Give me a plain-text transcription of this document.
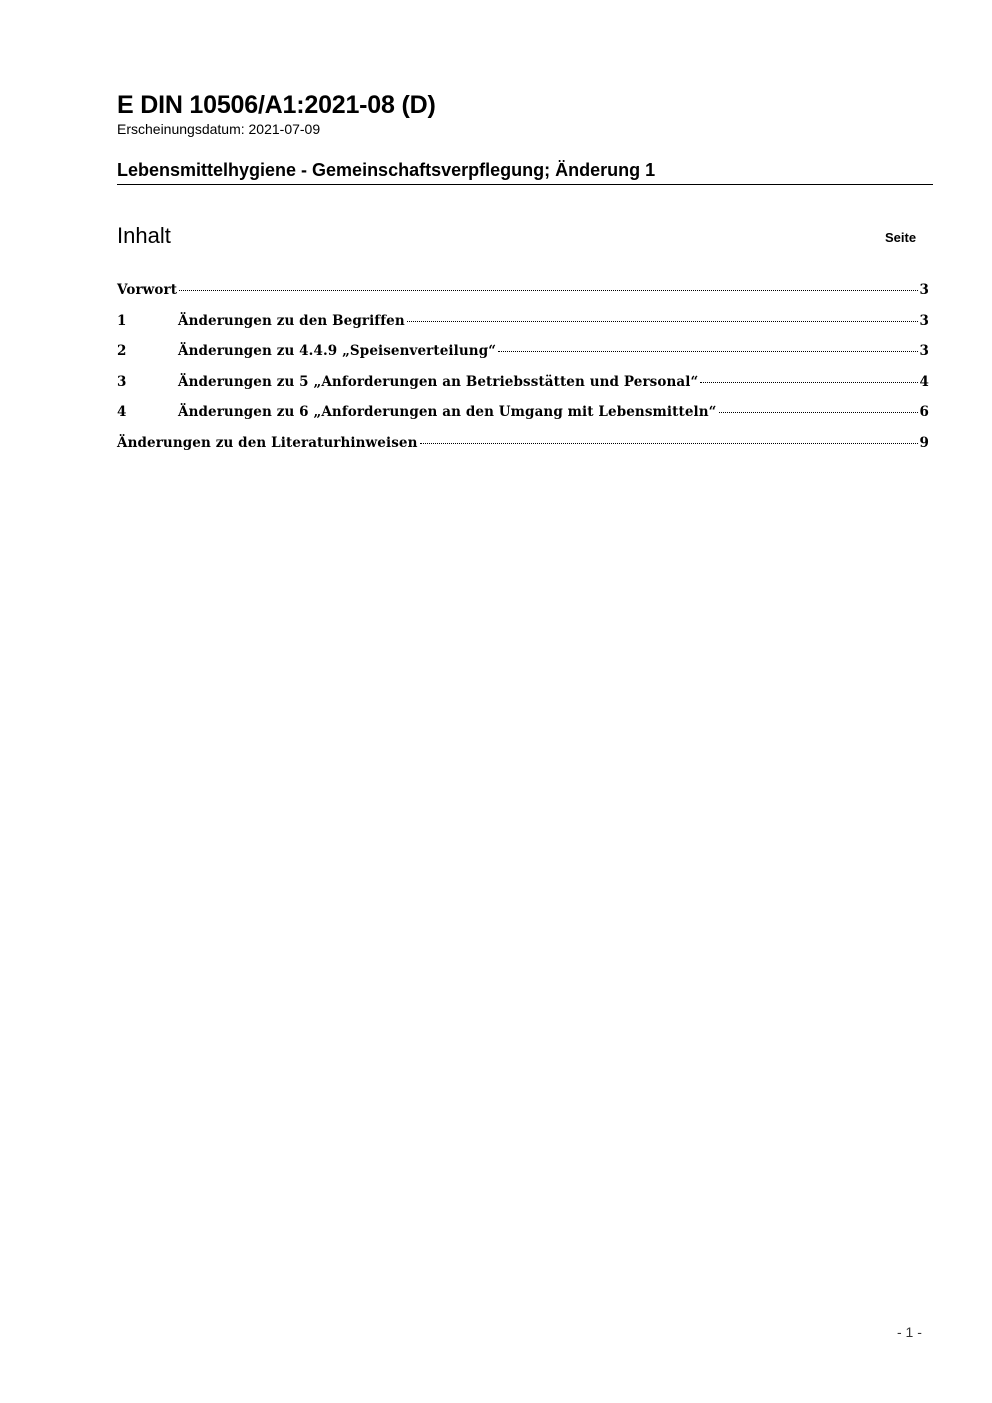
E DIN 10506/A1:2021-08 (D)

Erscheinungsdatum: 2021-07-09

Lebensmittelhygiene - Gemeinschaftsverpflegung; Änderung 1
Inhalt	Seite
Vorwort	3
1	Änderungen zu den Begriffen	3
2	Änderungen zu 4.4.9 „Speisenverteilung“	3
3	Änderungen zu 5 „Anforderungen an Betriebsstätten und Personal“	4
4	Änderungen zu 6 „Anforderungen an den Umgang mit Lebensmitteln“	6
Änderungen zu den Literaturhinweisen	9
- 1 -
